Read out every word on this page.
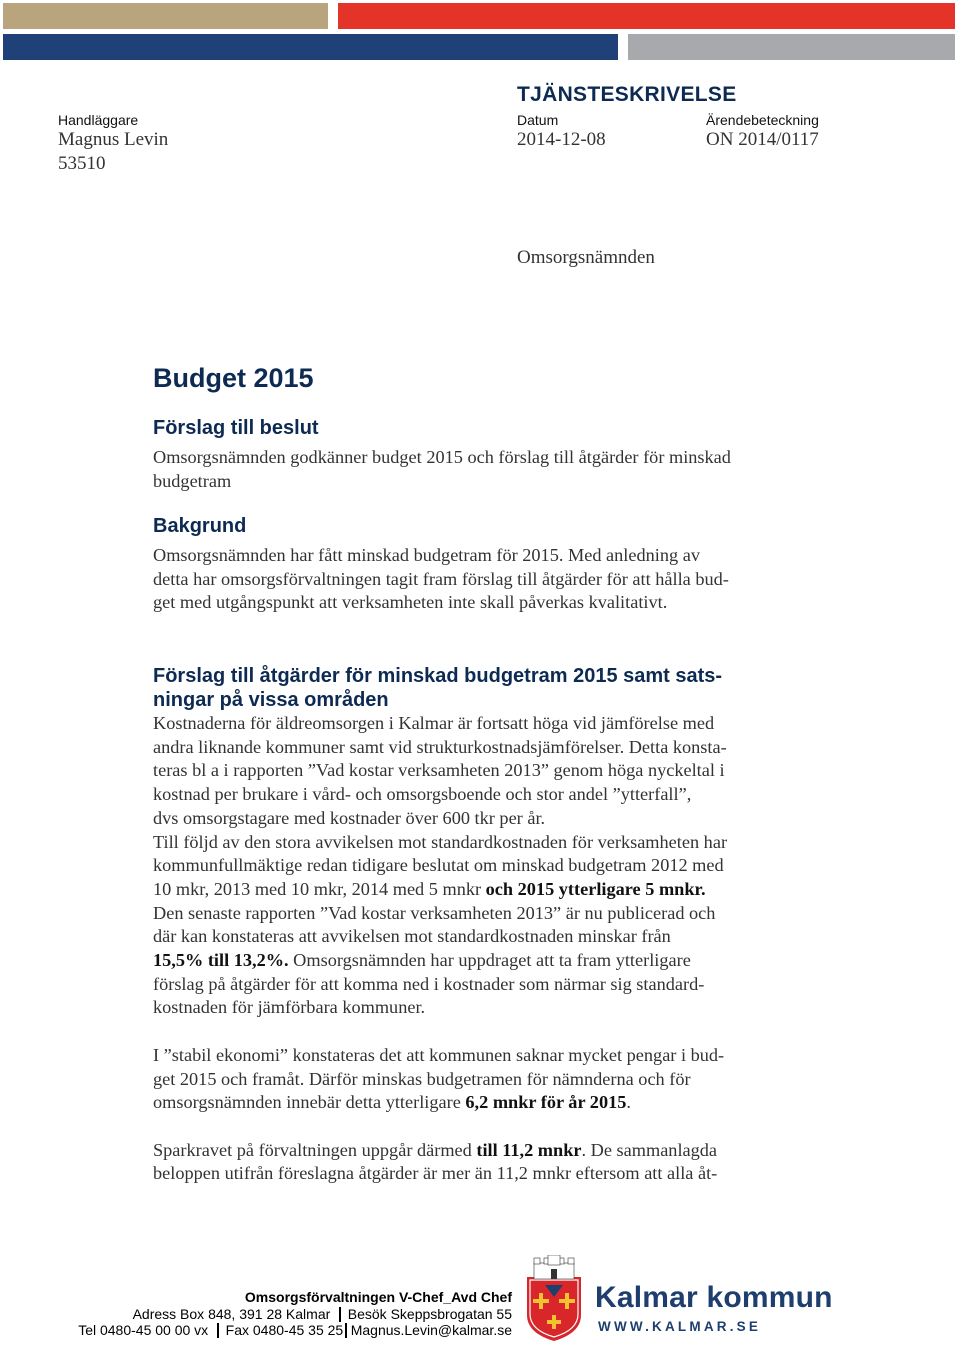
TJÄNSTESKRIVELSE
Handläggare
Magnus Levin
53510
Datum
2014-12-08
Ärendebeteckning
ON 2014/0117
Omsorgsnämnden
Budget 2015
Förslag till beslut
Omsorgsnämnden godkänner budget 2015 och förslag till åtgärder för minskad
budgetram
Bakgrund
Omsorgsnämnden har fått minskad budgetram för 2015. Med anledning av
detta har omsorgsförvaltningen tagit fram förslag till åtgärder för att hålla bud-
get med utgångspunkt att verksamheten inte skall påverkas kvalitativt.
Förslag till åtgärder för minskad budgetram 2015 samt sats-
ningar på vissa områden

Kostnaderna för äldreomsorgen i Kalmar är fortsatt höga vid jämförelse med
andra liknande kommuner samt vid strukturkostnadsjämförelser. Detta konsta-
teras bl a i rapporten ”Vad kostar verksamheten 2013” genom höga nyckeltal i
kostnad per brukare i vård- och omsorgsboende och stor andel ”ytterfall”,
dvs omsorgstagare med kostnader över 600 tkr per år.

Till följd av den stora avvikelsen mot standardkostnaden för verksamheten har
kommunfullmäktige redan tidigare beslutat om minskad budgetram 2012 med
10 mkr, 2013 med 10 mkr, 2014 med 5 mnkr och 2015 ytterligare 5 mnkr.
Den senaste rapporten ”Vad kostar verksamheten 2013” är nu publicerad och
där kan konstateras att avvikelsen mot standardkostnaden minskar från
15,5% till 13,2%. Omsorgsnämnden har uppdraget att ta fram ytterligare
förslag på åtgärder för att komma ned i kostnader som närmar sig standard-
kostnaden för jämförbara kommuner.

I ”stabil ekonomi” konstateras det att kommunen saknar mycket pengar i bud-
get 2015 och framåt. Därför minskas budgetramen för nämnderna och för
omsorgsnämnden innebär detta ytterligare 6,2 mnkr för år 2015.

Sparkravet på förvaltningen uppgår därmed till 11,2 mnkr. De sammanlagda
beloppen utifrån föreslagna åtgärder är mer än 11,2 mnkr eftersom att alla åt-

Omsorgsförvaltningen V-Chef_Avd Chef
Adress Box 848, 391 28 Kalmar Besök Skeppsbrogatan 55
Tel 0480-45 00 00 vx Fax 0480-45 35 25 Magnus.Levin@kalmar.se
Kalmar kommun
WWW.KALMAR.SE
